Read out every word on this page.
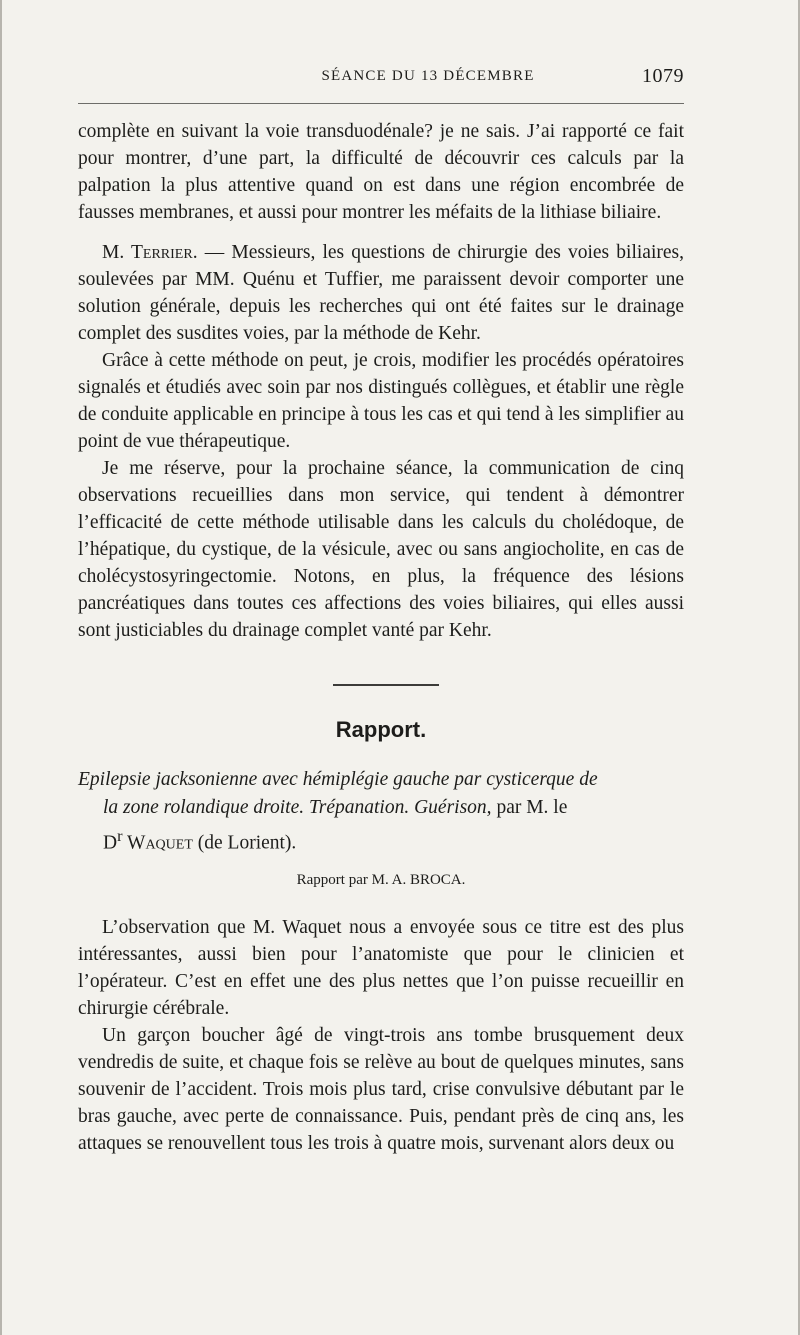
SÉANCE DU 13 DÉCEMBRE	1079

complète en suivant la voie transduodénale? je ne sais. J’ai rapporté ce fait pour montrer, d’une part, la difficulté de découvrir ces calculs par la palpation la plus attentive quand on est dans une région encombrée de fausses membranes, et aussi pour montrer les méfaits de la lithiase biliaire.

M. Terrier. — Messieurs, les questions de chirurgie des voies biliaires, soulevées par MM. Quénu et Tuffier, me paraissent devoir comporter une solution générale, depuis les recherches qui ont été faites sur le drainage complet des susdites voies, par la méthode de Kehr.

Grâce à cette méthode on peut, je crois, modifier les procédés opératoires signalés et étudiés avec soin par nos distingués collègues, et établir une règle de conduite applicable en principe à tous les cas et qui tend à les simplifier au point de vue thérapeutique.

Je me réserve, pour la prochaine séance, la communication de cinq observations recueillies dans mon service, qui tendent à démontrer l’efficacité de cette méthode utilisable dans les calculs du cholédoque, de l’hépatique, du cystique, de la vésicule, avec ou sans angiocholite, en cas de cholécystosyringectomie. Notons, en plus, la fréquence des lésions pancréatiques dans toutes ces affections des voies biliaires, qui elles aussi sont justiciables du drainage complet vanté par Kehr.

Rapport.

Epilepsie jacksonienne avec hémiplégie gauche par cysticerque de
la zone rolandique droite. Trépanation. Guérison, par M. le
$D^r$ Waquet (de Lorient).

Rapport par M. A. BROCA.

L’observation que M. Waquet nous a envoyée sous ce titre est des plus intéressantes, aussi bien pour l’anatomiste que pour le clinicien et l’opérateur. C’est en effet une des plus nettes que l’on puisse recueillir en chirurgie cérébrale.

Un garçon boucher âgé de vingt-trois ans tombe brusquement deux vendredis de suite, et chaque fois se relève au bout de quelques minutes, sans souvenir de l’accident. Trois mois plus tard, crise convulsive débutant par le bras gauche, avec perte de connaissance. Puis, pendant près de cinq ans, les attaques se renouvellent tous les trois à quatre mois, survenant alors deux ou
